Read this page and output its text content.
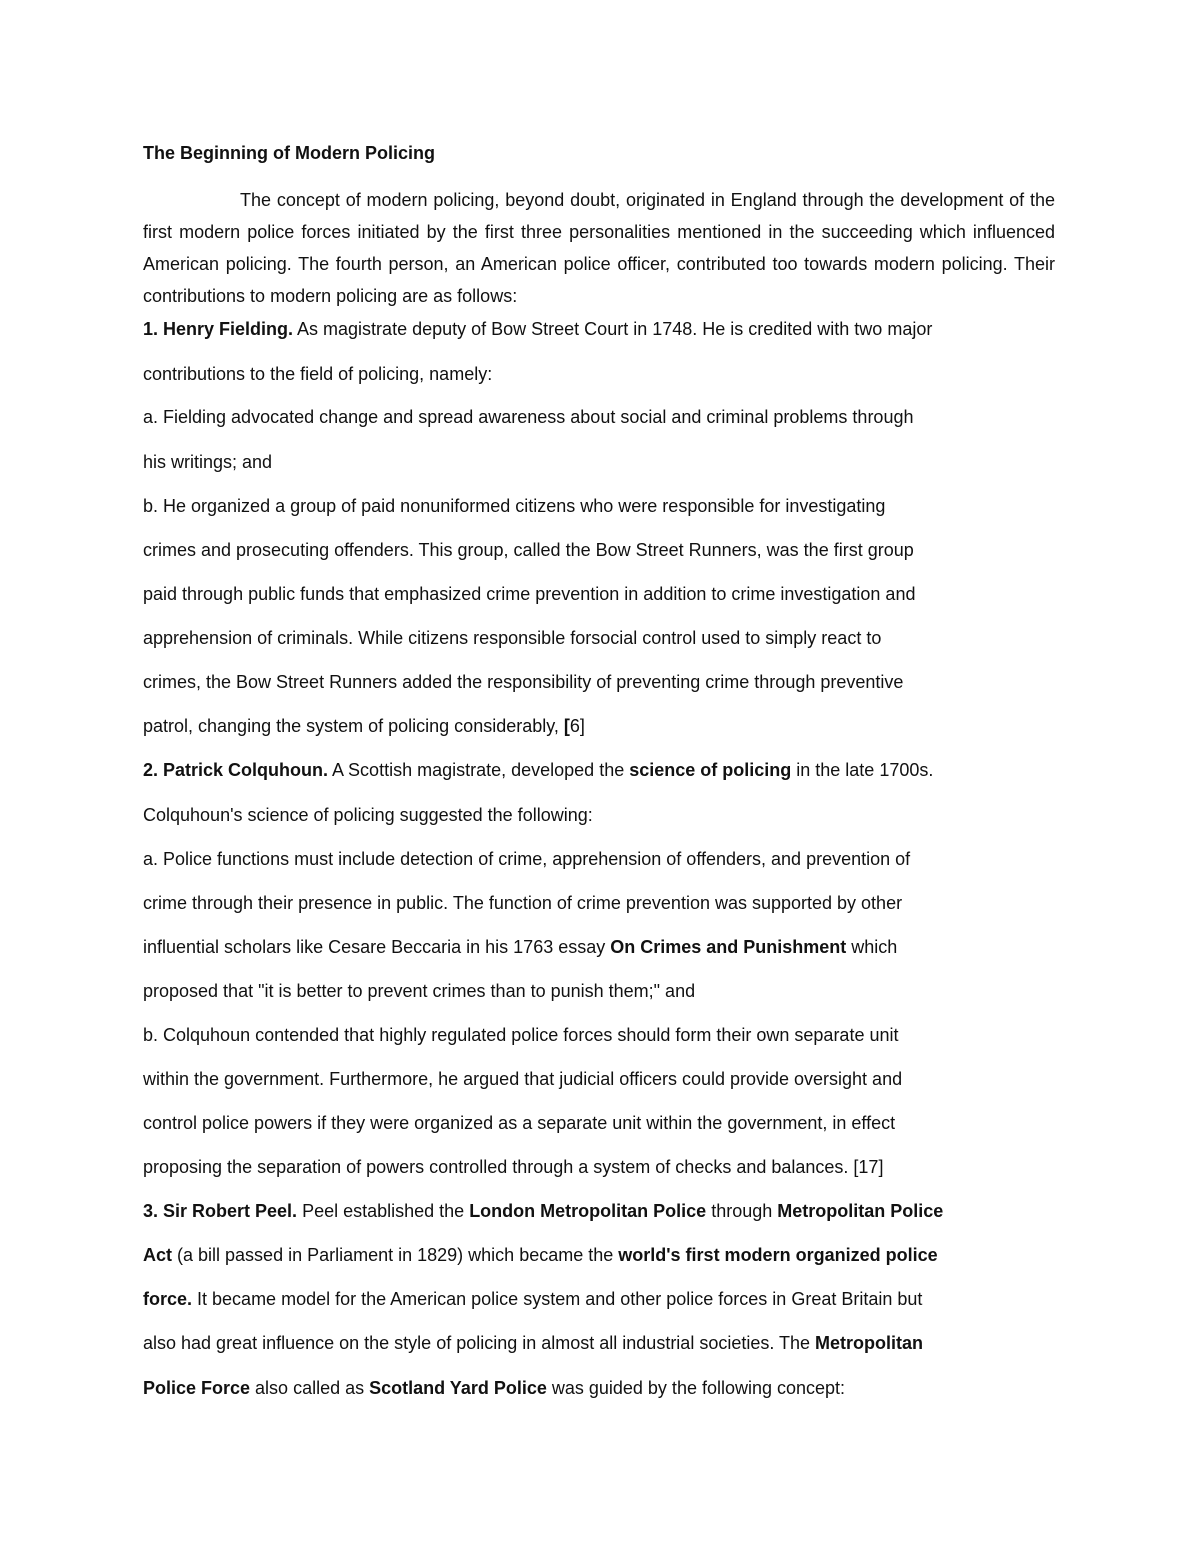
The Beginning of Modern Policing

The concept of modern policing, beyond doubt, originated in England through the development of the first modern police forces initiated by the first three personalities mentioned in the succeeding which influenced American policing. The fourth person, an American police officer, contributed too towards modern policing. Their contributions to modern policing are as follows:

1. Henry Fielding. As magistrate deputy of Bow Street Court in 1748. He is credited with two major
contributions to the field of policing, namely:
a. Fielding advocated change and spread awareness about social and criminal problems through
his writings; and
b. He organized a group of paid nonuniformed citizens who were responsible for investigating
crimes and prosecuting offenders. This group, called the Bow Street Runners, was the first group
paid through public funds that emphasized crime prevention in addition to crime investigation and
apprehension of criminals. While citizens responsible forsocial control used to simply react to
crimes, the Bow Street Runners added the responsibility of preventing crime through preventive
patrol, changing the system of policing considerably, [6]
2. Patrick Colquhoun. A Scottish magistrate, developed the science of policing in the late 1700s.
Colquhoun's science of policing suggested the following:
a. Police functions must include detection of crime, apprehension of offenders, and prevention of
crime through their presence in public. The function of crime prevention was supported by other
influential scholars like Cesare Beccaria in his 1763 essay On Crimes and Punishment which
proposed that "it is better to prevent crimes than to punish them;" and
b. Colquhoun contended that highly regulated police forces should form their own separate unit
within the government. Furthermore, he argued that judicial officers could provide oversight and
control police powers if they were organized as a separate unit within the government, in effect
proposing the separation of powers controlled through a system of checks and balances. [17]
3. Sir Robert Peel. Peel established the London Metropolitan Police through Metropolitan Police
Act (a bill passed in Parliament in 1829) which became the world's first modern organized police
force. It became model for the American police system and other police forces in Great Britain but
also had great influence on the style of policing in almost all industrial societies. The Metropolitan
Police Force also called as Scotland Yard Police was guided by the following concept:
